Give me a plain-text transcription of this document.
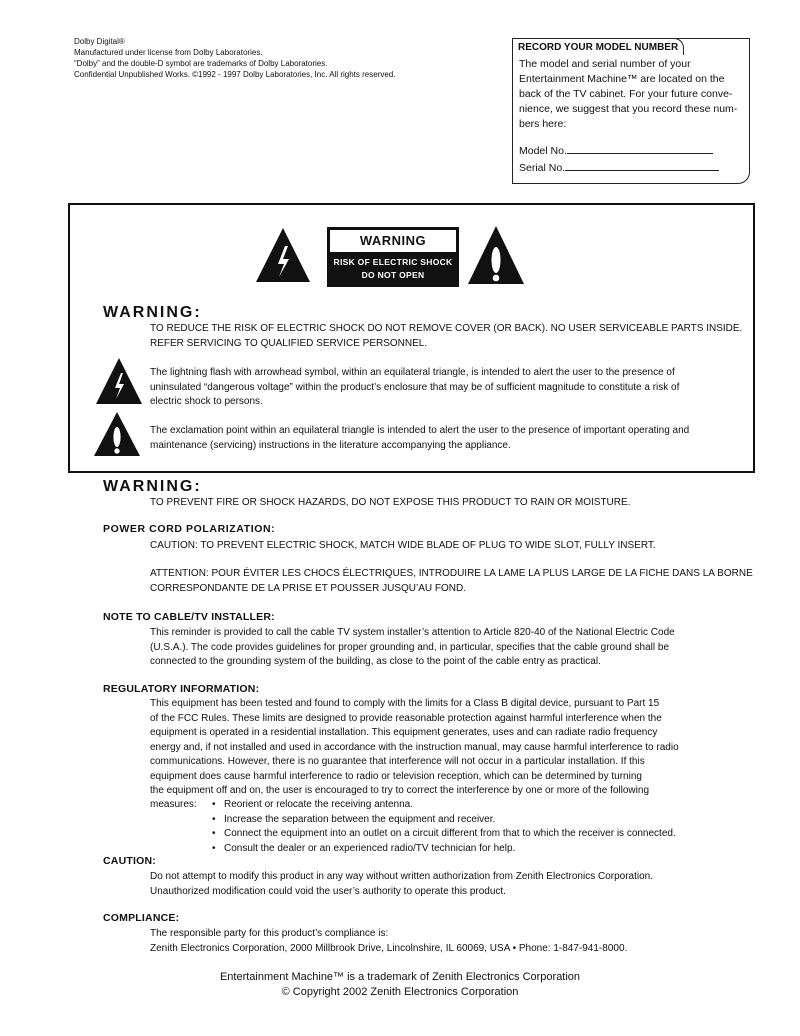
Dolby Digital®
Manufactured under license from Dolby Laboratories.
“Dolby” and the double-D symbol are trademarks of Dolby Laboratories.
Confidential Unpublished Works. ©1992 - 1997 Dolby Laboratories, Inc. All rights reserved.
RECORD YOUR MODEL NUMBER
The model and serial number of your
Entertainment Machine™ are located on the
back of the TV cabinet. For your future conve-
nience, we suggest that you record these num-
bers here:
Model No.
Serial No.
WARNING
RISK OF ELECTRIC SHOCK
DO NOT OPEN
WARNING:
TO REDUCE THE RISK OF ELECTRIC SHOCK DO NOT REMOVE COVER (OR BACK). NO USER SERVICEABLE PARTS INSIDE.
REFER SERVICING TO QUALIFIED SERVICE PERSONNEL.
The lightning flash with arrowhead symbol, within an equilateral triangle, is intended to alert the user to the presence of
uninsulated “dangerous voltage” within the product’s enclosure that may be of sufficient magnitude to constitute a risk of
electric shock to persons.
The exclamation point within an equilateral triangle is intended to alert the user to the presence of important operating and
maintenance (servicing) instructions in the literature accompanying the appliance.
WARNING:
TO PREVENT FIRE OR SHOCK HAZARDS, DO NOT EXPOSE THIS PRODUCT TO RAIN OR MOISTURE.
POWER CORD POLARIZATION:
CAUTION: TO PREVENT ELECTRIC SHOCK, MATCH WIDE BLADE OF PLUG TO WIDE SLOT, FULLY INSERT.
ATTENTION: POUR ÉVITER LES CHOCS ÉLECTRIQUES, INTRODUIRE LA LAME LA PLUS LARGE DE LA FICHE DANS LA BORNE
CORRESPONDANTE DE LA PRISE ET POUSSER JUSQU’AU FOND.
NOTE TO CABLE/TV INSTALLER:
This reminder is provided to call the cable TV system installer’s attention to Article 820-40 of the National Electric Code
(U.S.A.). The code provides guidelines for proper grounding and, in particular, specifies that the cable ground shall be
connected to the grounding system of the building, as close to the point of the cable entry as practical.
REGULATORY INFORMATION:
This equipment has been tested and found to comply with the limits for a Class B digital device, pursuant to Part 15
of the FCC Rules. These limits are designed to provide reasonable protection against harmful interference when the
equipment is operated in a residential installation. This equipment generates, uses and can radiate radio frequency
energy and, if not installed and used in accordance with the instruction manual, may cause harmful interference to radio
communications. However, there is no guarantee that interference will not occur in a particular installation. If this
equipment does cause harmful interference to radio or television reception, which can be determined by turning
the equipment off and on, the user is encouraged to try to correct the interference by one or more of the following
measures:
•	Reorient or relocate the receiving antenna.
• Increase the separation between the equipment and receiver.
• Connect the equipment into an outlet on a circuit different from that to which the receiver is connected.
• Consult the dealer or an experienced radio/TV technician for help.
CAUTION:
Do not attempt to modify this product in any way without written authorization from Zenith Electronics Corporation.
Unauthorized modification could void the user’s authority to operate this product.
COMPLIANCE:
The responsible party for this product’s compliance is:
Zenith Electronics Corporation, 2000 Millbrook Drive, Lincolnshire, IL 60069, USA • Phone: 1-847-941-8000.
Entertainment Machine™ is a trademark of Zenith Electronics Corporation
© Copyright 2002 Zenith Electronics Corporation
